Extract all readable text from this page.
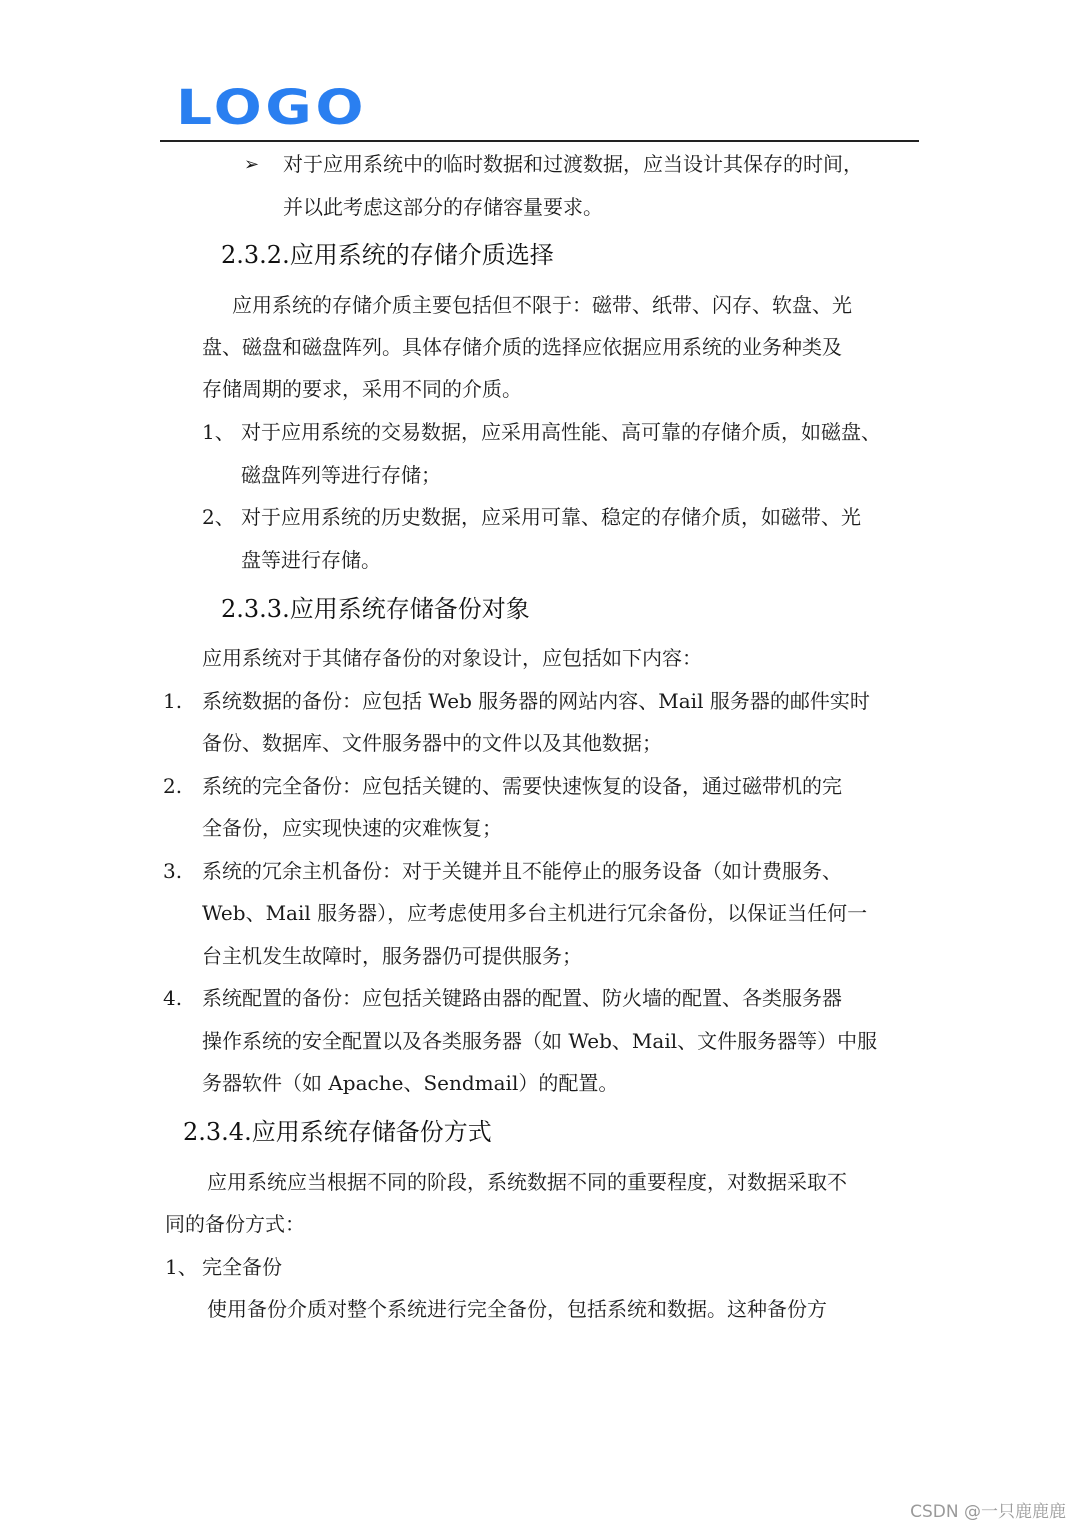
LOGO
➢ 对于应用系统中的临时数据和过渡数据，应当设计其保存的时间，
并以此考虑这部分的存储容量要求。
2.3.2.应用系统的存储介质选择
应用系统的存储介质主要包括但不限于：磁带、纸带、闪存、软盘、光
盘、磁盘和磁盘阵列。具体存储介质的选择应依据应用系统的业务种类及
存储周期的要求，采用不同的介质。
1、 对于应用系统的交易数据，应采用高性能、高可靠的存储介质，如磁盘、
磁盘阵列等进行存储；
2、 对于应用系统的历史数据，应采用可靠、稳定的存储介质，如磁带、光
盘等进行存储。
2.3.3.应用系统存储备份对象
应用系统对于其储存备份的对象设计，应包括如下内容：
1. 系统数据的备份：应包括 Web 服务器的网站内容、Mail 服务器的邮件实时
备份、数据库、文件服务器中的文件以及其他数据；
2. 系统的完全备份：应包括关键的、需要快速恢复的设备，通过磁带机的完
全备份，应实现快速的灾难恢复；
3. 系统的冗余主机备份：对于关键并且不能停止的服务设备（如计费服务、
Web、Mail 服务器），应考虑使用多台主机进行冗余备份，以保证当任何一
台主机发生故障时，服务器仍可提供服务；
4. 系统配置的备份：应包括关键路由器的配置、防火墙的配置、各类服务器
操作系统的安全配置以及各类服务器（如 Web、Mail、文件服务器等）中服
务器软件（如 Apache、Sendmail）的配置。
2.3.4.应用系统存储备份方式
应用系统应当根据不同的阶段，系统数据不同的重要程度，对数据采取不
同的备份方式：
1、 完全备份
使用备份介质对整个系统进行完全备份，包括系统和数据。这种备份方
CSDN @一只鹿鹿鹿
